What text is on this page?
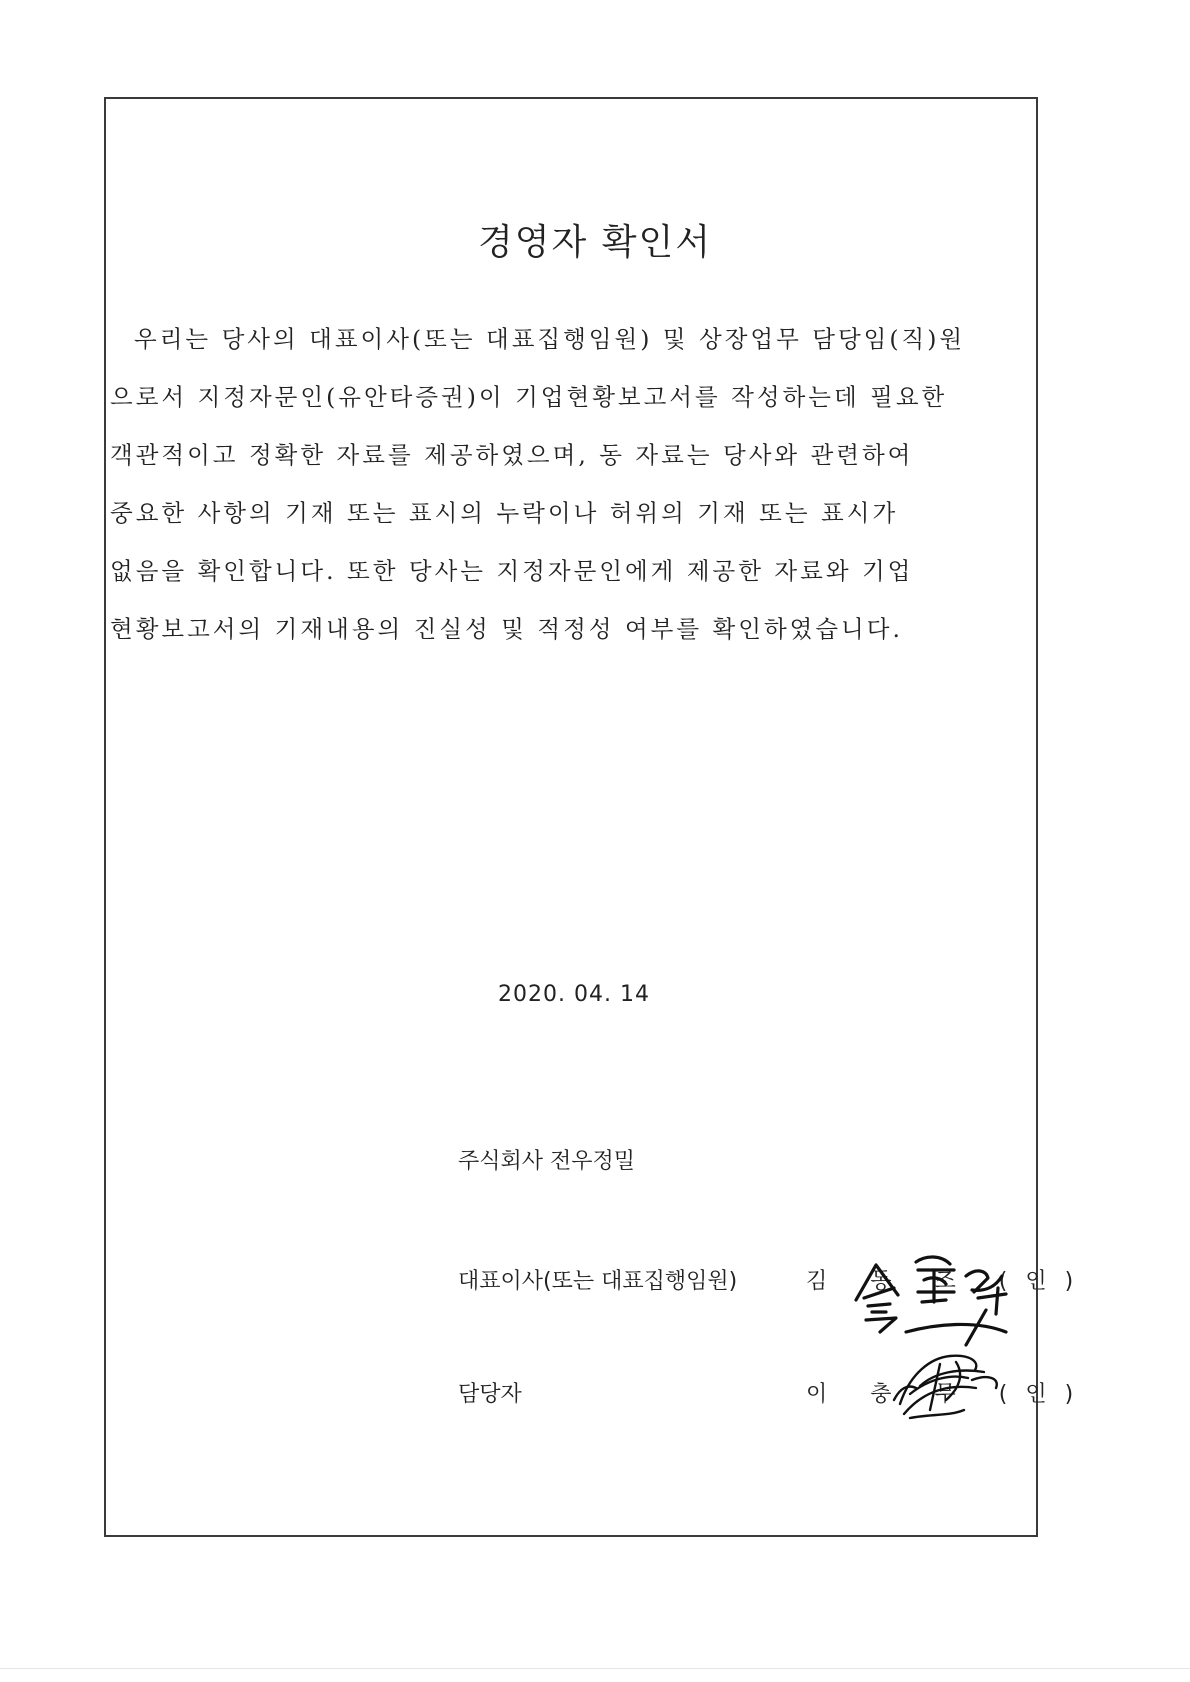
경영자 확인서
우리는 당사의 대표이사(또는 대표집행임원) 및 상장업무 담당임(직)원
으로서 지정자문인(유안타증권)이 기업현황보고서를 작성하는데 필요한
객관적이고 정확한 자료를 제공하였으며, 동 자료는 당사와 관련하여
중요한 사항의 기재 또는 표시의 누락이나 허위의 기재 또는 표시가
없음을 확인합니다. 또한 당사는 지정자문인에게 제공한 자료와 기업
현황보고서의 기재내용의 진실성 및 적정성 여부를 확인하였습니다.
2020. 04. 14
주식회사 전우정밀
대표이사(또는 대표집행임원)	김 동 조 (인)
담당자	이 충 무 (인)
